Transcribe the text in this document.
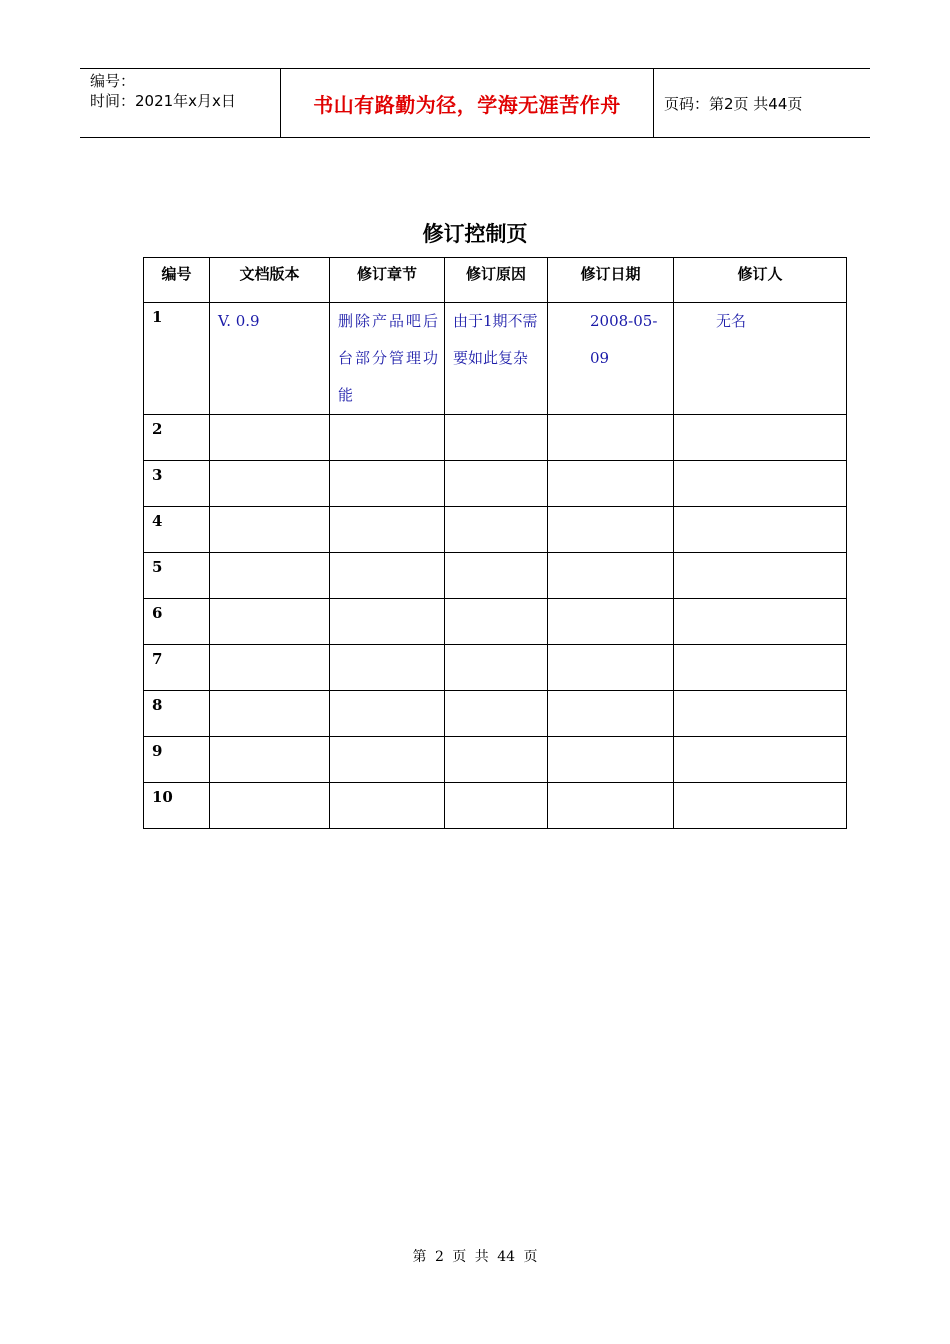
编号：
时间：2021年x月x日	书山有路勤为径，学海无涯苦作舟	页码：第2页 共44页
修订控制页
编号	文档版本	修订章节	修订原因	修订日期	修订人
1	V. 0.9	删除产品吧后台部分管理功能	由于1期不需要如此复杂	2008-05-09	无名
2					
3					
4					
5					
6					
7					
8					
9					
10					
第 2 页 共 44 页
